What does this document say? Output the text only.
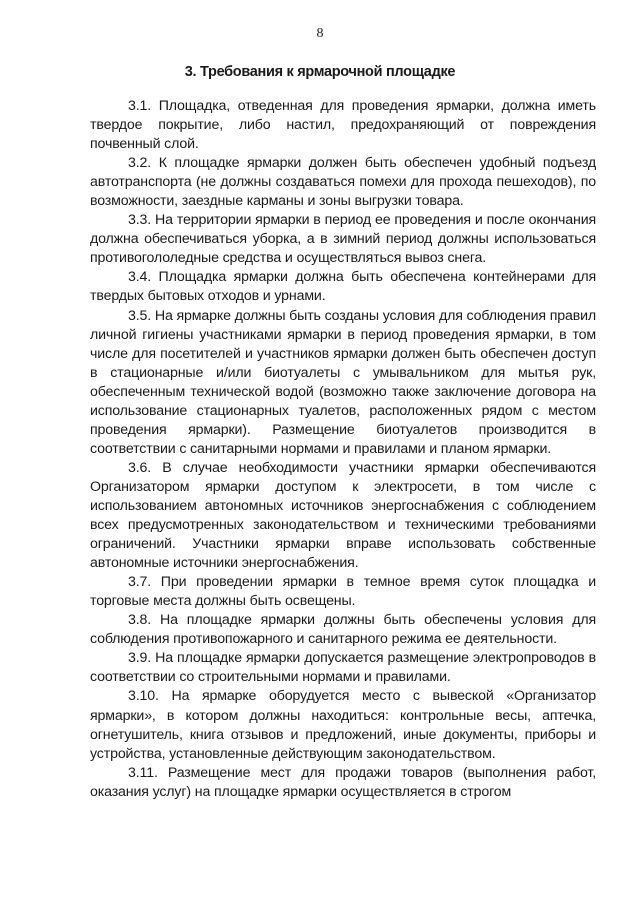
8
3. Требования к ярмарочной площадке

3.1. Площадка, отведенная для проведения ярмарки, должна иметь твердое покрытие, либо настил, предохраняющий от повреждения почвенный слой.

3.2. К площадке ярмарки должен быть обеспечен удобный подъезд автотранспорта (не должны создаваться помехи для прохода пешеходов), по возможности, заездные карманы и зоны выгрузки товара.

3.3. На территории ярмарки в период ее проведения и после окончания должна обеспечиваться уборка, а в зимний период должны использоваться противогололедные средства и осуществляться вывоз снега.

3.4. Площадка ярмарки должна быть обеспечена контейнерами для твердых бытовых отходов и урнами.

3.5. На ярмарке должны быть созданы условия для соблюдения правил личной гигиены участниками ярмарки в период проведения ярмарки, в том числе для посетителей и участников ярмарки должен быть обеспечен доступ в стационарные и/или биотуалеты с умывальником для мытья рук, обеспеченным технической водой (возможно также заключение договора на использование стационарных туалетов, расположенных рядом с местом проведения ярмарки). Размещение биотуалетов производится в соответствии с санитарными нормами и правилами и планом ярмарки.

3.6. В случае необходимости участники ярмарки обеспечиваются Организатором ярмарки доступом к электросети, в том числе с использованием автономных источников энергоснабжения с соблюдением всех предусмотренных законодательством и техническими требованиями ограничений. Участники ярмарки вправе использовать собственные автономные источники энергоснабжения.

3.7. При проведении ярмарки в темное время суток площадка и торговые места должны быть освещены.

3.8. На площадке ярмарки должны быть обеспечены условия для соблюдения противопожарного и санитарного режима ее деятельности.

3.9. На площадке ярмарки допускается размещение электропроводов в соответствии со строительными нормами и правилами.

3.10. На ярмарке оборудуется место с вывеской «Организатор ярмарки», в котором должны находиться: контрольные весы, аптечка, огнетушитель, книга отзывов и предложений, иные документы, приборы и устройства, установленные действующим законодательством.

3.11. Размещение мест для продажи товаров (выполнения работ, оказания услуг) на площадке ярмарки осуществляется в строгом
